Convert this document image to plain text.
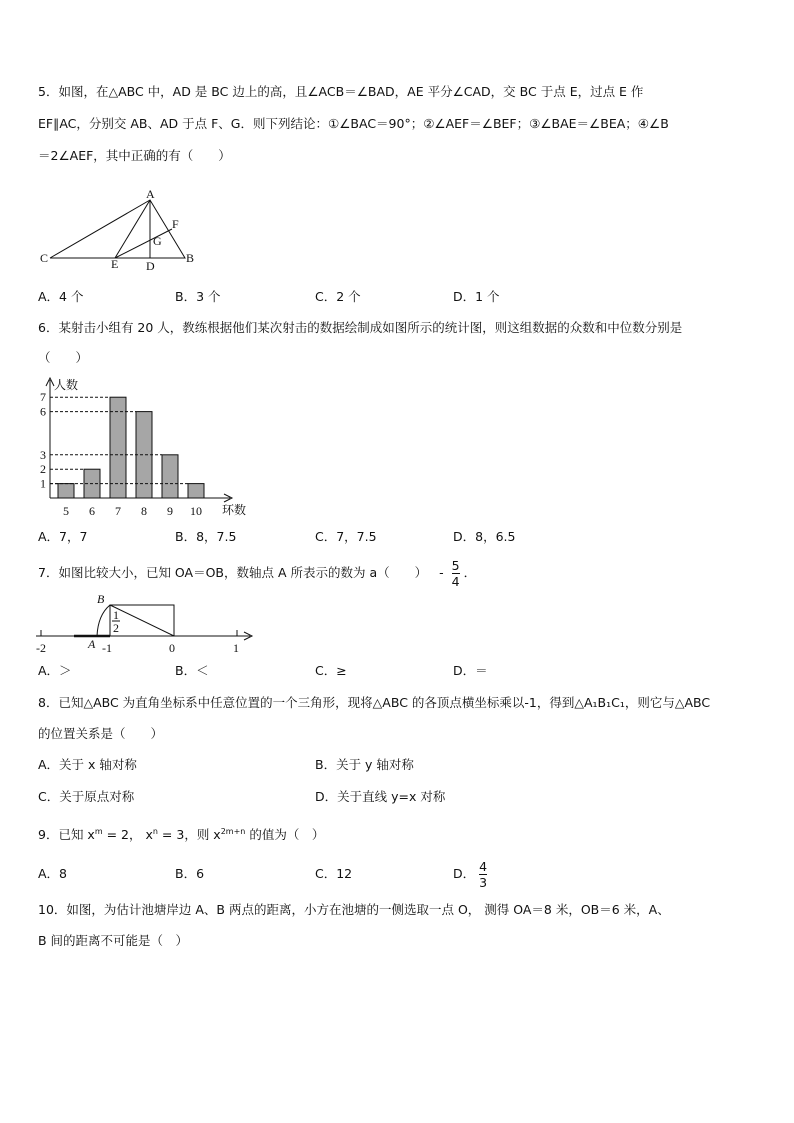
5．如图，在△ABC 中，AD 是 BC 边上的高，且∠ACB＝∠BAD，AE 平分∠CAD，交 BC 于点 E，过点 E 作
EF∥AC，分别交 AB、AD 于点 F、G．则下列结论：①∠BAC＝90°；②∠AEF＝∠BEF；③∠BAE＝∠BEA；④∠B
＝2∠AEF，其中正确的有（　　）
A
B
C
D
E
F
G
A．4 个	B．3 个	C．2 个	D．1 个
6．某射击小组有 20 人，教练根据他们某次射击的数据绘制成如图所示的统计图，则这组数据的众数和中位数分别是
（　　）
5 6 7 8 9 10
1
2
3
6
7
人数
环数
A．7，7	B．8，7.5	C．7，7.5	D．8，6.5
7．如图比较大小，已知 OA＝OB，数轴点 A 所表示的数为 a（　　） - $\frac{5}{4}$ ．
-2	-1	0	1
B
A
1
2
A．＞	B．＜	C．≥	D．＝
8．已知△ABC 为直角坐标系中任意位置的一个三角形，现将△ABC 的各顶点横坐标乘以-1，得到△A₁B₁C₁，则它与△ABC
的位置关系是（　　）
A．关于 x 轴对称	B．关于 y 轴对称
C．关于原点对称	D．关于直线 y=x 对称
9．已知 $x^m = 2$， $x^n = 3$，则 $x^{2m+n}$ 的值为（　）
A．8	B．6	C．12	D． $\frac{4}{3}$
10．如图，为估计池塘岸边 A、B 两点的距离，小方在池塘的一侧选取一点 O， 测得 OA＝8 米，OB＝6 米，A、
B 间的距离不可能是（　）
